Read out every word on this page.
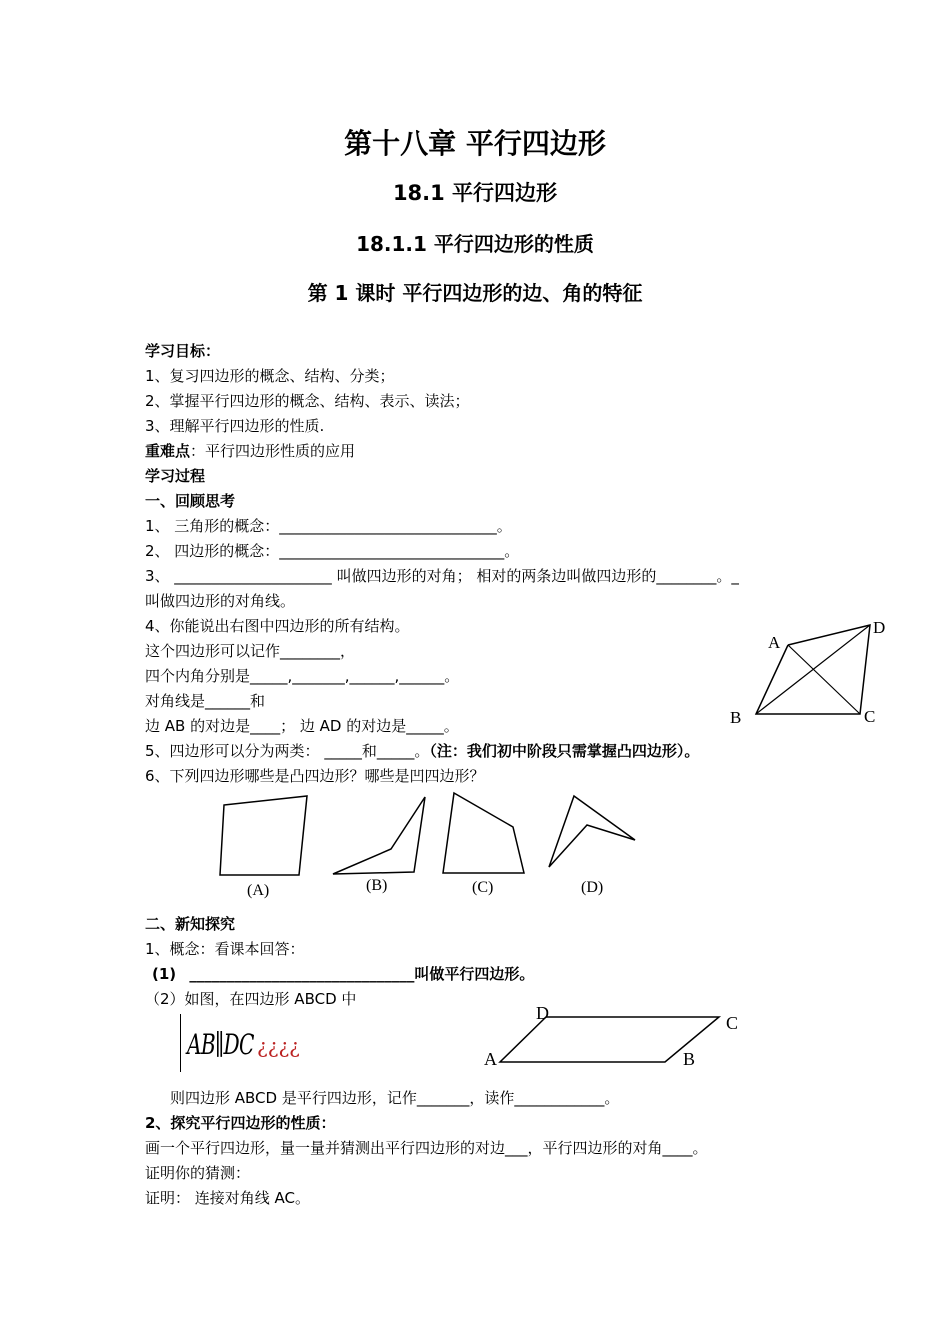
第十八章 平行四边形
18.1 平行四边形
18.1.1 平行四边形的性质
第 1 课时 平行四边形的边、角的特征
学习目标：
1、复习四边形的概念、结构、分类；
2、掌握平行四边形的概念、结构、表示、读法；
3、理解平行四边形的性质.
重难点：平行四边形性质的应用
学习过程
一、回顾思考
1、 三角形的概念：_____________________________。
2、 四边形的概念：______________________________。
3、 _____________________ 叫做四边形的对角； 相对的两条边叫做四边形的________。_
叫做四边形的对角线。
4、你能说出右图中四边形的所有结构。
这个四边形可以记作________，
四个内角分别是_____,_______,______,______。
对角线是______和
边 AB 的对边是____； 边 AD 的对边是_____。
5、四边形可以分为两类： _____和_____。（注：我们初中阶段只需掌握凸四边形）。
6、下列四边形哪些是凸四边形？哪些是凹四边形？
A
D
B	C
(A)	(B)	(C)	(D)
二、新知探究
1、概念：看课本回答：
(1) ______________________________叫做平行四边形。
（2）如图，在四边形 ABCD 中
AB∥DC ¿¿¿¿
D	C
A	B
则四边形 ABCD 是平行四边形，记作_______，读作____________。
2、探究平行四边形的性质：
画一个平行四边形，量一量并猜测出平行四边形的对边___，平行四边形的对角____。
证明你的猜测：
证明： 连接对角线 AC。
